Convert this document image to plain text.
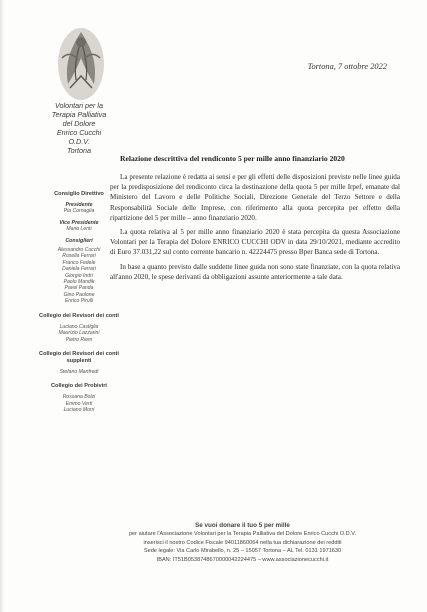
Volontari per la
Terapia Palliativa
del Dolore
Enrico Cucchi
O.D.V.
Tortona
Consiglio Direttivo
Presidente
Pia Cornaglia
Vice Presidente
Mario Lenti
Consiglieri
Alessandro Cucchi
Rosella Ferrari
Franco Fedele
Daniela Ferrari
Giorgio Indri
Paolo Mandik
Pavel Panda
Gino Paolone
Enrico Pirulli
Collegio dei Revisori dei conti
Luciano Castiglia
Maurizio Lazzarini
Pietro Riem
Collegio dei Revisori dei conti supplenti
Stefano Manfredi
Collegio dei Probiviri
Rossana Bolzi
Emmo Verti
Luciano Morri
Tortona, 7 ottobre 2022
Relazione descrittiva del rendiconto 5 per mille anno finanziario 2020

La presente relazione è redatta ai sensi e per gli effetti delle disposizioni previste nelle linee guida per la predisposizione del rendiconto circa la destinazione della quota 5 per mille Irpef, emanate dal Ministero del Lavoro e delle Politiche Sociali, Direzione Generale del Terzo Settore e della Responsabilità Sociale delle Imprese, con riferimento alla quota percepita per effetto della ripartizione del 5 per mille – anno finanziario 2020.

La quota relativa al 5 per mille anno finanziario 2020 è stata percepita da questa Associazione Volontari per la Terapia del Dolore ENRICO CUCCHI ODV in data 29/10/2021, mediante accredito di Euro 37.031,22 sul conto corrente bancario n. 42224475 presso Bper Banca sede di Tortona.

In base a quanto previsto dalle suddette linee guida non sono state finanziate, con la quota relativa all'anno 2020, le spese derivanti da obbligazioni assunte anteriormente a tale data.

Se vuoi donare il tuo 5 per mille
per aiutare l'Associazione Volontari per la Terapia Palliativa del Dolore Enrico Cucchi O.D.V.
inserisci il nostro Codice Fiscale 94011860064 nella tua dichiarazione dei redditi
Sede legale: Via Carlo Mirabello, n. 25 – 15057 Tortona – AL Tel. 0131 1971630
IBAN: IT51B0538748670000042224475 – www.associazionecucchi.it
